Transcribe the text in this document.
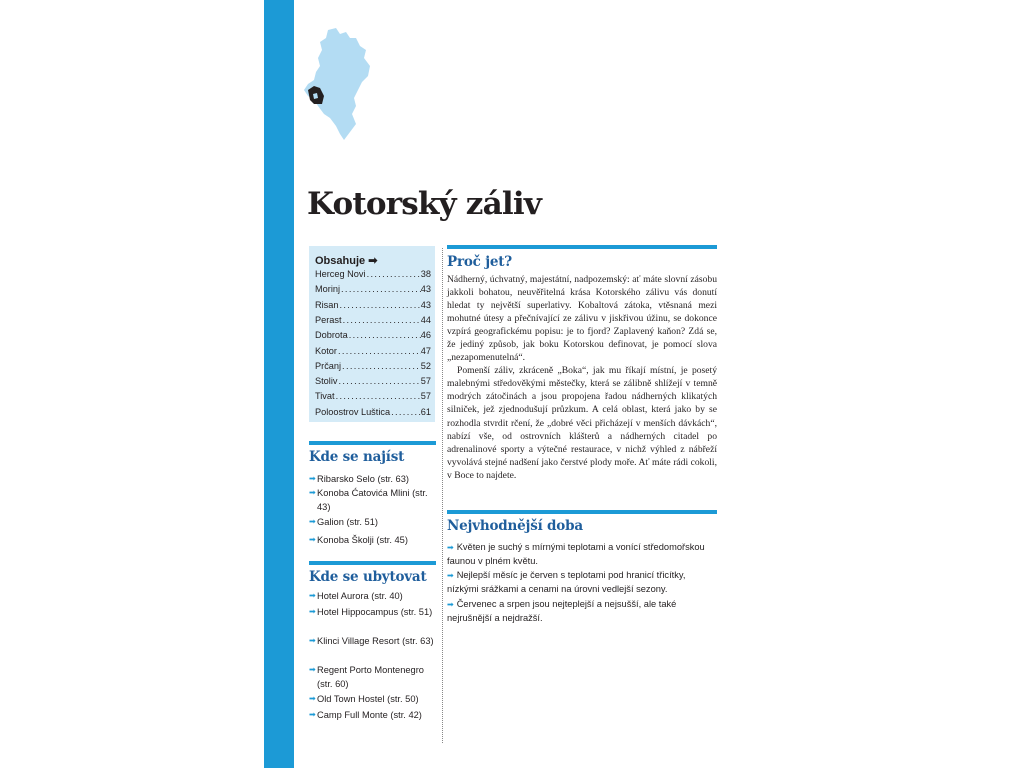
Kotorský záliv
Obsahuje ➡
Herceg Novi . . .	38
Morinj . . .	43
Risan . . .	43
Perast . . .	44
Dobrota . . .	46
Kotor . . .	47
Prčanj . . .	52
Stoliv . . .	57
Tivat . . .	57
Poloostrov Luštica . . .	61
Kde se najíst
➡ Ribarsko Selo (str. 63)
➡ Konoba Ćatovića Mlini (str. 43)
➡ Galion (str. 51)
➡ Konoba Školji (str. 45)
Kde se ubytovat
➡ Hotel Aurora (str. 40)
➡ Hotel Hippocampus (str. 51)
➡ Klinci Village Resort (str. 63)
➡ Regent Porto Montenegro (str. 60)
➡ Old Town Hostel (str. 50)
➡ Camp Full Monte (str. 42)
Proč jet?

Nádherný, úchvatný, majestátní, nadpozemský: ať máte slovní zásobu jakkoli bohatou, neuvěřitelná krása Kotorského zálivu vás donutí hledat ty největší superlativy. Kobaltová zátoka, vtěsnaná mezi mohutné útesy a přečnívající ze zálivu v jiskřivou úžinu, se dokonce vzpírá geografickému popisu: je to fjord? Zaplavený kaňon? Zdá se, že jediný způsob, jak boku Kotorskou definovat, je pomocí slova „nezapomenutelná“.

Pomenší záliv, zkráceně „Boka“, jak mu říkají místní, je posetý malebnými středověkými městečky, která se zálibně shlížejí v temně modrých zátočinách a jsou propojena řadou nádherných klikatých silniček, jež zjednodušují průzkum. A celá oblast, která jako by se rozhodla stvrdit rčení, že „dobré věci přicházejí v menších dávkách“, nabízí vše, od ostrovních klášterů a nádherných citadel po adrenalinové sporty a výtečné restaurace, v nichž výhled z nábřeží vyvolává stejné nadšení jako čerstvé plody moře. Ať máte rádi cokoli, v Boce to najdete.

Nejvhodnější doba
➡ Květen je suchý s mírnými teplotami a vonící středomořskou faunou v plném květu.
➡ Nejlepší měsíc je červen s teplotami pod hranicí třicítky, nízkými srážkami a cenami na úrovni vedlejší sezony.
➡ Červenec a srpen jsou nejteplejší a nejsušší, ale také nejrušnější a nejdražší.
